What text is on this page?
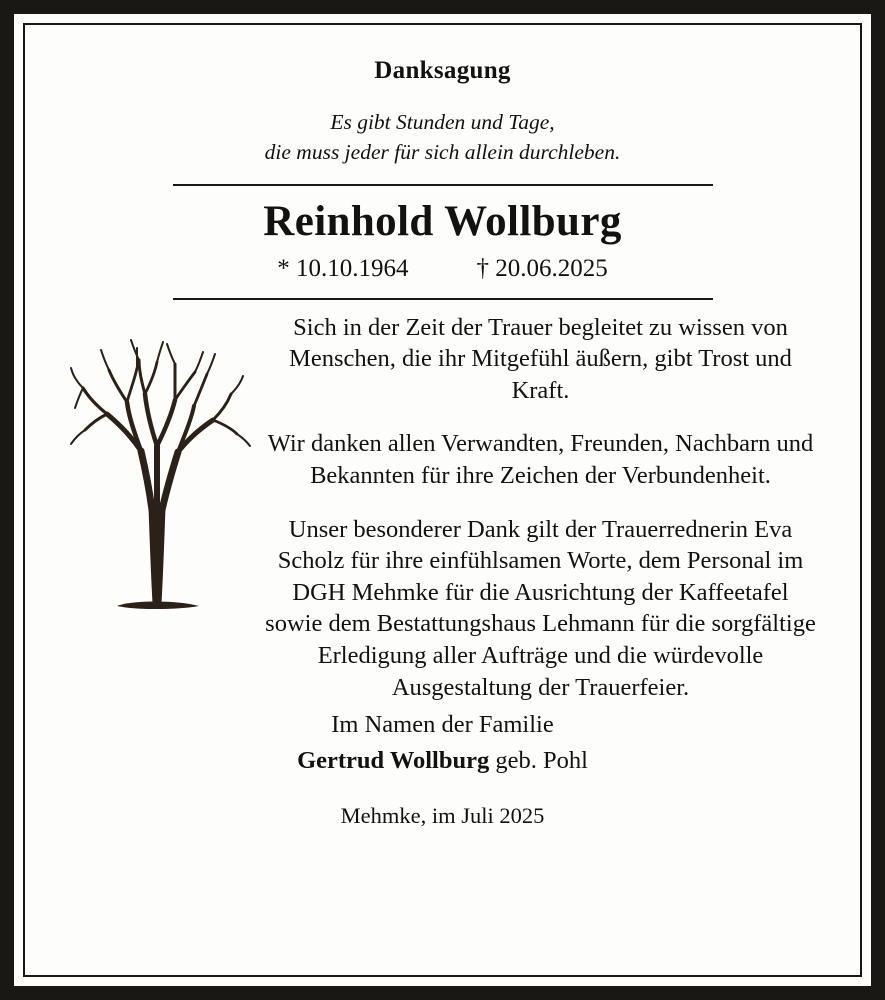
Danksagung
Es gibt Stunden und Tage,
die muss jeder für sich allein durchleben.
Reinhold Wollburg
* 10.10.1964	† 20.06.2025

Sich in der Zeit der Trauer begleitet zu wissen von Menschen, die ihr Mitgefühl äußern, gibt Trost und Kraft.

Wir danken allen Verwandten, Freunden, Nachbarn und Bekannten für ihre Zeichen der Verbundenheit.

Unser besonderer Dank gilt der Trauerrednerin Eva Scholz für ihre einfühlsamen Worte, dem Personal im DGH Mehmke für die Ausrichtung der Kaffeetafel sowie dem Bestattungshaus Lehmann für die sorgfältige Erledigung aller Aufträge und die würdevolle Ausgestaltung der Trauerfeier.

Im Namen der Familie
Gertrud Wollburg geb. Pohl
Mehmke, im Juli 2025
